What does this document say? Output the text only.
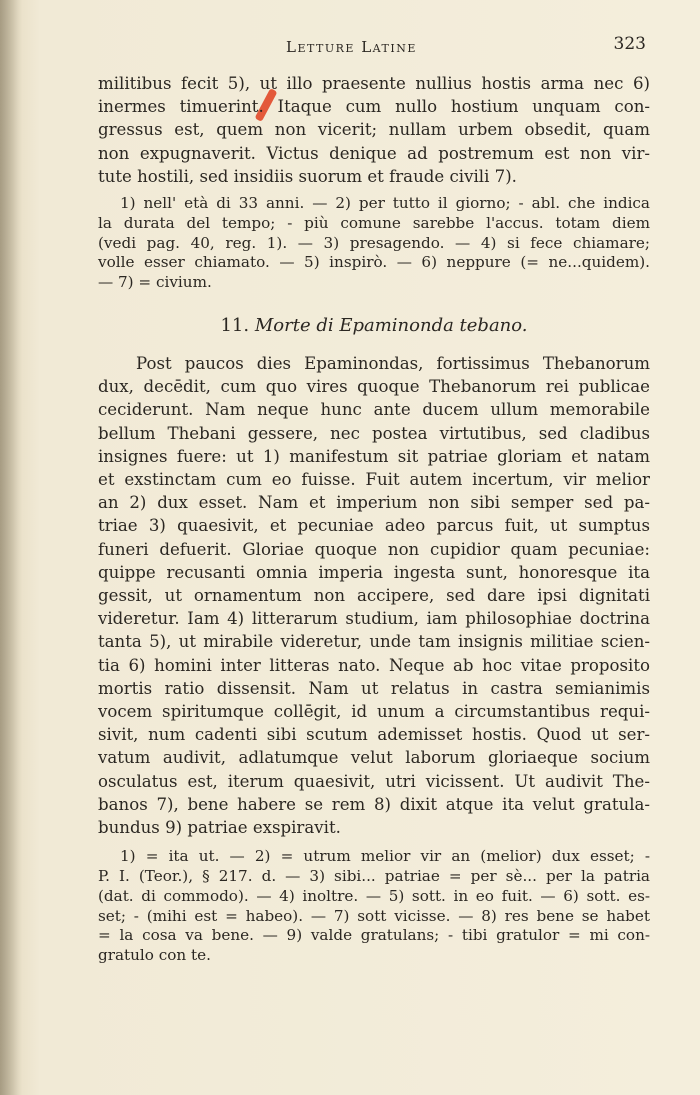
Letture Latine	323
militibus fecit 5), ut illo praesente nullius hostis arma nec 6)
inermes timuerint. Itaque cum nullo hostium unquam con-
gressus est, quem non vicerit; nullam urbem obsedit, quam
non expugnaverit. Victus denique ad postremum est non vir-
tute hostili, sed insidiis suorum et fraude civili 7).
1) nell' età di 33 anni. — 2) per tutto il giorno; - abl. che indica
la durata del tempo; - più comune sarebbe l'accus. totam diem
(vedi pag. 40, reg. 1). — 3) presagendo. — 4) si fece chiamare;
volle esser chiamato. — 5) inspirò. — 6) neppure (= ne...quidem).
— 7) = civium.
11. Morte di Epaminonda tebano.
Post paucos dies Epaminondas, fortissimus Thebanorum
dux, decēdit, cum quo vires quoque Thebanorum rei publicae
ceciderunt. Nam neque hunc ante ducem ullum memorabile
bellum Thebani gessere, nec postea virtutibus, sed cladibus
insignes fuere: ut 1) manifestum sit patriae gloriam et natam
et exstinctam cum eo fuisse. Fuit autem incertum, vir melior
an 2) dux esset. Nam et imperium non sibi semper sed pa-
triae 3) quaesivit, et pecuniae adeo parcus fuit, ut sumptus
funeri defuerit. Gloriae quoque non cupidior quam pecuniae:
quippe recusanti omnia imperia ingesta sunt, honoresque ita
gessit, ut ornamentum non accipere, sed dare ipsi dignitati
videretur. Iam 4) litterarum studium, iam philosophiae doctrina
tanta 5), ut mirabile videretur, unde tam insignis militiae scien-
tia 6) homini inter litteras nato. Neque ab hoc vitae proposito
mortis ratio dissensit. Nam ut relatus in castra semianimis
vocem spiritumque collēgit, id unum a circumstantibus requi-
sivit, num cadenti sibi scutum ademisset hostis. Quod ut ser-
vatum audivit, adlatumque velut laborum gloriaeque socium
osculatus est, iterum quaesivit, utri vicissent. Ut audivit The-
banos 7), bene habere se rem 8) dixit atque ita velut gratula-
bundus 9) patriae exspiravit.
1) = ita ut. — 2) = utrum melior vir an (melior) dux esset; -
P. I. (Teor.), § 217. d. — 3) sibi... patriae = per sè... per la patria
(dat. di commodo). — 4) inoltre. — 5) sott. in eo fuit. — 6) sott. es-
set; - (mihi est = habeo). — 7) sott vicisse. — 8) res bene se habet
= la cosa va bene. — 9) valde gratulans; - tibi gratulor = mi con-
gratulo con te.
